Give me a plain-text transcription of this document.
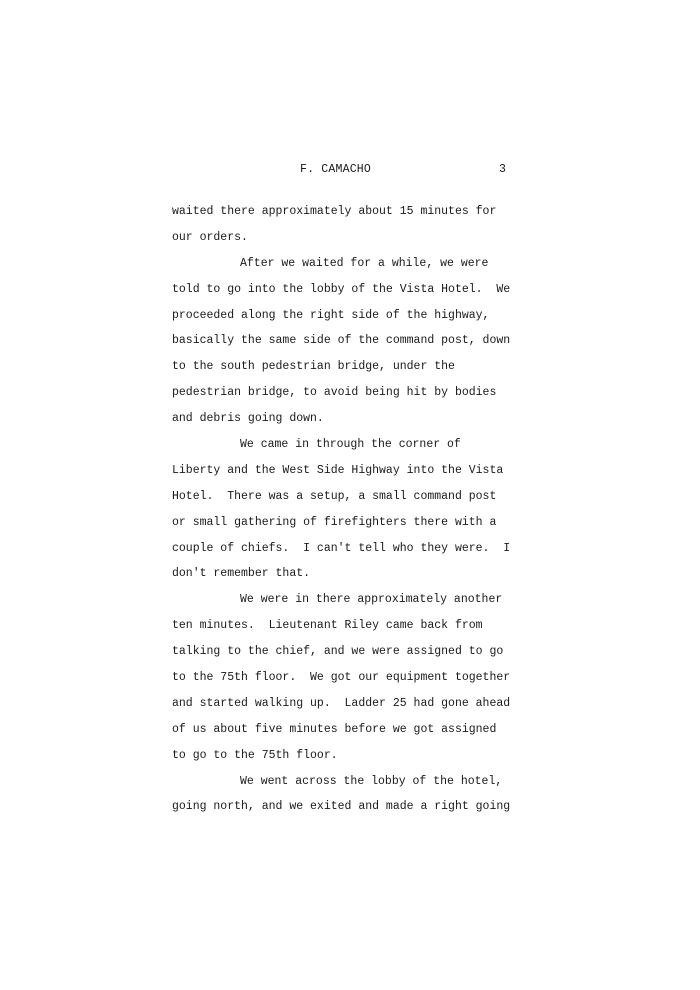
F. CAMACHO	3
waited there approximately about 15 minutes for
our orders.
After we waited for a while, we were
told to go into the lobby of the Vista Hotel.  We
proceeded along the right side of the highway,
basically the same side of the command post, down
to the south pedestrian bridge, under the
pedestrian bridge, to avoid being hit by bodies
and debris going down.
We came in through the corner of
Liberty and the West Side Highway into the Vista
Hotel.  There was a setup, a small command post
or small gathering of firefighters there with a
couple of chiefs.  I can't tell who they were.  I
don't remember that.
We were in there approximately another
ten minutes.  Lieutenant Riley came back from
talking to the chief, and we were assigned to go
to the 75th floor.  We got our equipment together
and started walking up.  Ladder 25 had gone ahead
of us about five minutes before we got assigned
to go to the 75th floor.
We went across the lobby of the hotel,
going north, and we exited and made a right going
